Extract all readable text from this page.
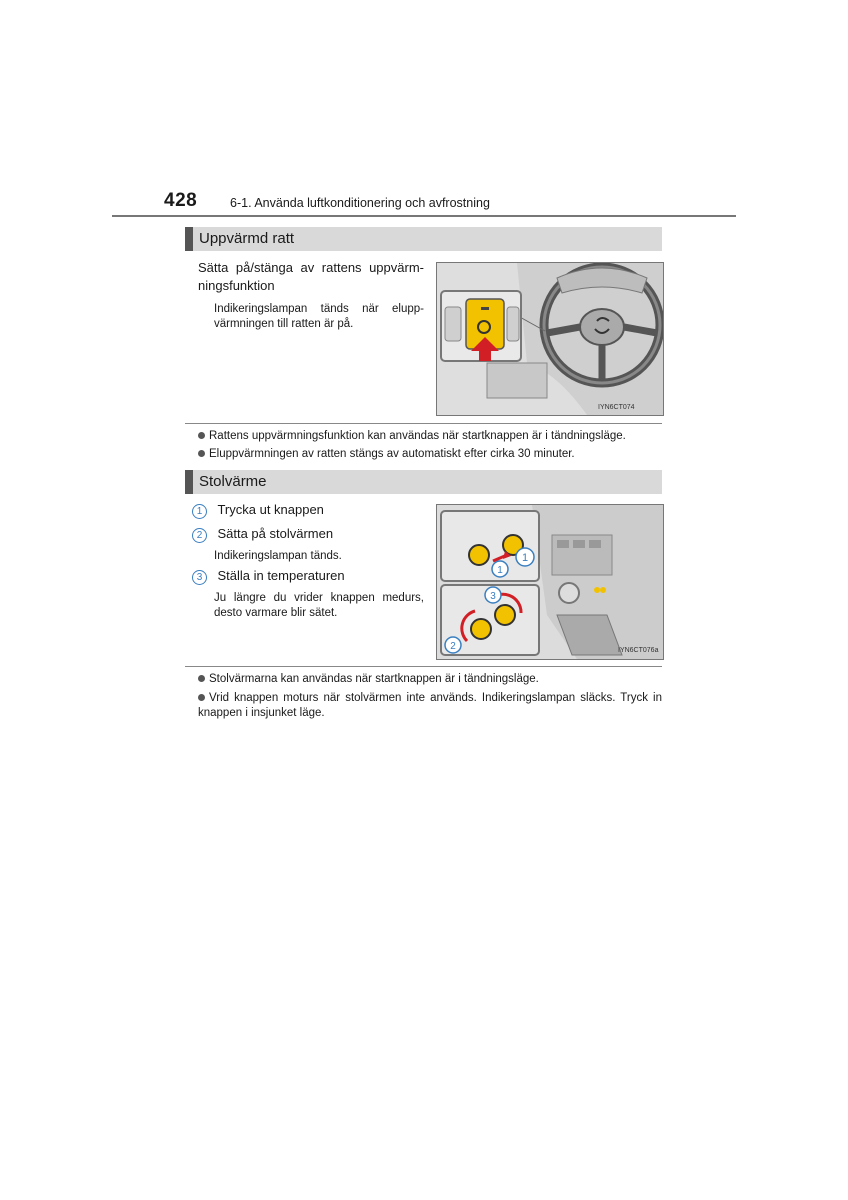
428	6-1. Använda luftkonditionering och avfrostning
Uppvärmd ratt
Sätta på/stänga av rattens uppvärm-ningsfunktion
Indikeringslampan tänds när elupp-värmningen till ratten är på.
IYN6CT074
Rattens uppvärmningsfunktion kan användas när startknappen är i tändningsläge.
Eluppvärmningen av ratten stängs av automatiskt efter cirka 30 minuter.
Stolvärme
1 Trycka ut knappen
2 Sätta på stolvärmen
Indikeringslampan tänds.
3 Ställa in temperaturen
Ju längre du vrider knappen medurs, desto varmare blir sätet.
1
1
3
2	IYN6CT076a
Stolvärmarna kan användas när startknappen är i tändningsläge.
Vrid knappen moturs när stolvärmen inte används. Indikeringslampan släcks. Tryck in knappen i insjunket läge.
